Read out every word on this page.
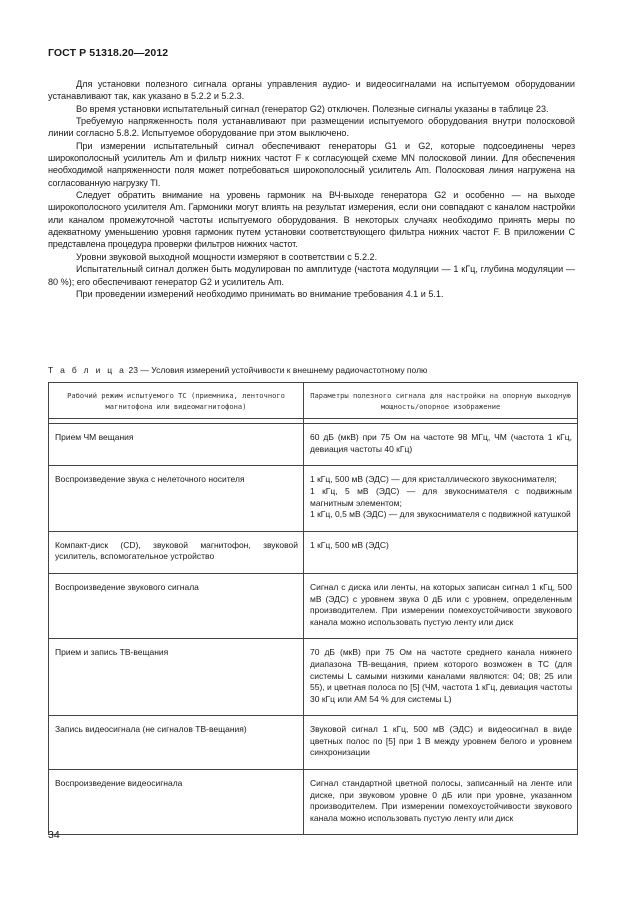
ГОСТ Р 51318.20—2012

Для установки полезного сигнала органы управления аудио- и видеосигналами на испытуемом оборудовании устанавливают так, как указано в 5.2.2 и 5.2.3.

Во время установки испытательный сигнал (генератор G2) отключен. Полезные сигналы указаны в таблице 23.

Требуемую напряженность поля устанавливают при размещении испытуемого оборудования внутри полосковой линии согласно 5.8.2. Испытуемое оборудование при этом выключено.

При измерении испытательный сигнал обеспечивают генераторы G1 и G2, которые подсоединены через широкополосный усилитель Am и фильтр нижних частот F к согласующей схеме MN полосковой линии. Для обеспечения необходимой напряженности поля может потребоваться широкополосный усилитель Am. Полосковая линия нагружена на согласованную нагрузку TI.

Следует обратить внимание на уровень гармоник на ВЧ-выходе генератора G2 и особенно — на выходе широкополосного усилителя Am. Гармоники могут влиять на результат измерения, если они совпадают с каналом настройки или каналом промежуточной частоты испытуемого оборудования. В некоторых случаях необходимо принять меры по адекватному уменьшению уровня гармоник путем установки соответствующего фильтра нижних частот F. В приложении С представлена процедура проверки фильтров нижних частот.

Уровни звуковой выходной мощности измеряют в соответствии с 5.2.2.

Испытательный сигнал должен быть модулирован по амплитуде (частота модуляции — 1 кГц, глубина модуляции — 80 %); его обеспечивают генератор G2 и усилитель Am.

При проведении измерений необходимо принимать во внимание требования 4.1 и 5.1.

Т а б л и ц а 23 — Условия измерений устойчивости к внешнему радиочастотному полю
Рабочий режим испытуемого ТС (приемника, ленточного магнитофона или видеомагнитофона)	Параметры полезного сигнала для настройки на опорную выходную мощность/опорное изображение

Прием ЧМ вещания	60 дБ (мкВ) при 75 Ом на частоте 98 МГц, ЧМ (частота 1 кГц, девиация частоты 40 кГц)
Воспроизведение звука с нелеточного носителя	1 кГц, 500 мВ (ЭДС) — для кристаллического звукоснимателя;
1 кГц, 5 мВ (ЭДС) — для звукоснимателя с подвижным магнитным элементом;
1 кГц, 0,5 мВ (ЭДС) — для звукоснимателя с подвижной катушкой

Компакт-диск (CD), звуковой магнитофон, звуковой усилитель, вспомогательное устройство	1 кГц, 500 мВ (ЭДС)
Воспроизведение звукового сигнала	Сигнал с диска или ленты, на которых записан сигнал 1 кГц, 500 мВ (ЭДС) с уровнем звука 0 дБ или с уровнем, определенным производителем. При измерении помехоустойчивости звукового канала можно использовать пустую ленту или диск
Прием и запись ТВ-вещания	70 дБ (мкВ) при 75 Ом на частоте среднего канала нижнего диапазона ТВ-вещания, прием которого возможен в ТС (для системы L самыми низкими каналами являются: 04; 08; 25 или 55), и цветная полоса по [5] (ЧМ, частота 1 кГц, девиация частоты 30 кГц или АМ 54 % для системы L)
Запись видеосигнала (не сигналов ТВ-вещания)	Звуковой сигнал 1 кГц, 500 мВ (ЭДС) и видеосигнал в виде цветных полос по [5] при 1 В между уровнем белого и уровнем синхронизации
Воспроизведение видеосигнала	Сигнал стандартной цветной полосы, записанный на ленте или диске, при звуковом уровне 0 дБ или при уровне, указанном производителем. При измерении помехоустойчивости звукового канала можно использовать пустую ленту или диск
34
